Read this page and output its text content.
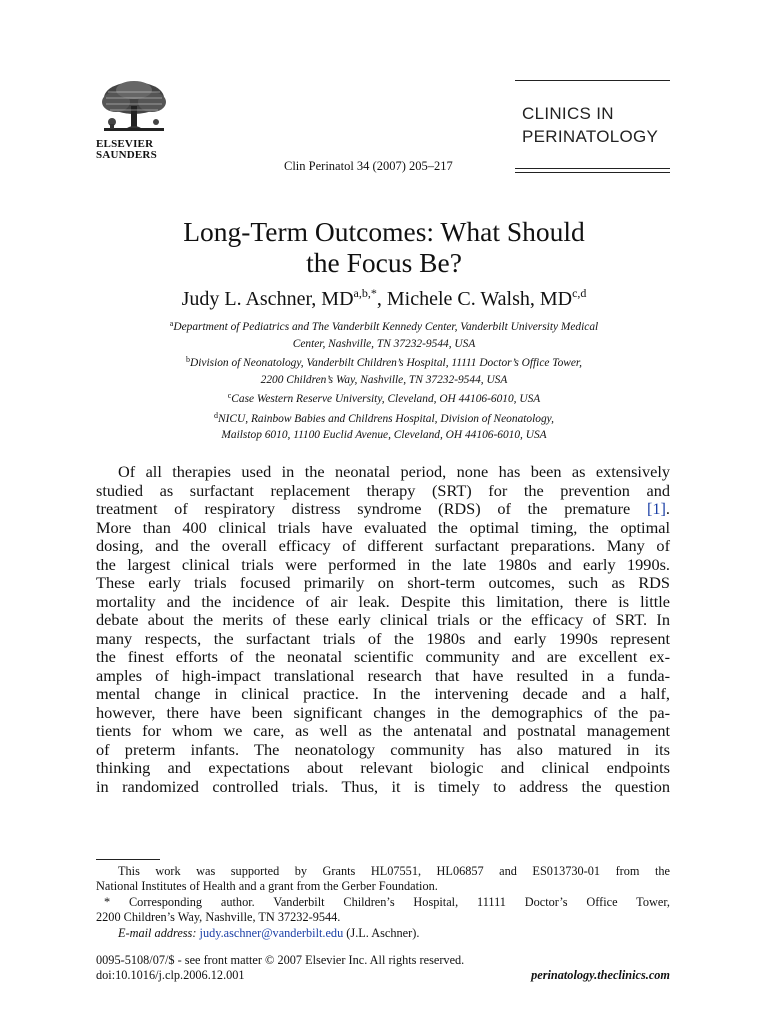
ELSEVIER
SAUNDERS
Clin Perinatol 34 (2007) 205–217
CLINICS IN
PERINATOLOGY
Long-Term Outcomes: What Should
the Focus Be?
Judy L. Aschner, $MD^{a,b,*}$, Michele C. Walsh, MD$^{c,d}$
$^a$Department of Pediatrics and The Vanderbilt Kennedy Center, Vanderbilt University Medical
Center, Nashville, TN 37232-9544, USA
$^b$Division of Neonatology, Vanderbilt Children’s Hospital, 11111 Doctor’s Office Tower,
2200 Children’s Way, Nashville, TN 37232-9544, USA
$^c$Case Western Reserve University, Cleveland, OH 44106-6010, USA
$^d$NICU, Rainbow Babies and Childrens Hospital, Division of Neonatology,
Mailstop 6010, 11100 Euclid Avenue, Cleveland, OH 44106-6010, USA
Of all therapies used in the neonatal period, none has been as extensively
studied as surfactant replacement therapy (SRT) for the prevention and
treatment of respiratory distress syndrome (RDS) of the premature [1].
More than 400 clinical trials have evaluated the optimal timing, the optimal
dosing, and the overall efficacy of different surfactant preparations. Many of
the largest clinical trials were performed in the late 1980s and early 1990s.
These early trials focused primarily on short-term outcomes, such as RDS
mortality and the incidence of air leak. Despite this limitation, there is little
debate about the merits of these early clinical trials or the efficacy of SRT. In
many respects, the surfactant trials of the 1980s and early 1990s represent
the finest efforts of the neonatal scientific community and are excellent ex-
amples of high-impact translational research that have resulted in a funda-
mental change in clinical practice. In the intervening decade and a half,
however, there have been significant changes in the demographics of the pa-
tients for whom we care, as well as the antenatal and postnatal management
of preterm infants. The neonatology community has also matured in its
thinking and expectations about relevant biologic and clinical endpoints
in randomized controlled trials. Thus, it is timely to address the question
This work was supported by Grants HL07551, HL06857 and ES013730-01 from the
National Institutes of Health and a grant from the Gerber Foundation.
* Corresponding author. Vanderbilt Children’s Hospital, 11111 Doctor’s Office Tower,
2200 Children’s Way, Nashville, TN 37232-9544.
E-mail address: judy.aschner@vanderbilt.edu (J.L. Aschner).
0095-5108/07/$ - see front matter © 2007 Elsevier Inc. All rights reserved.
doi:10.1016/j.clp.2006.12.001	perinatology.theclinics.com
